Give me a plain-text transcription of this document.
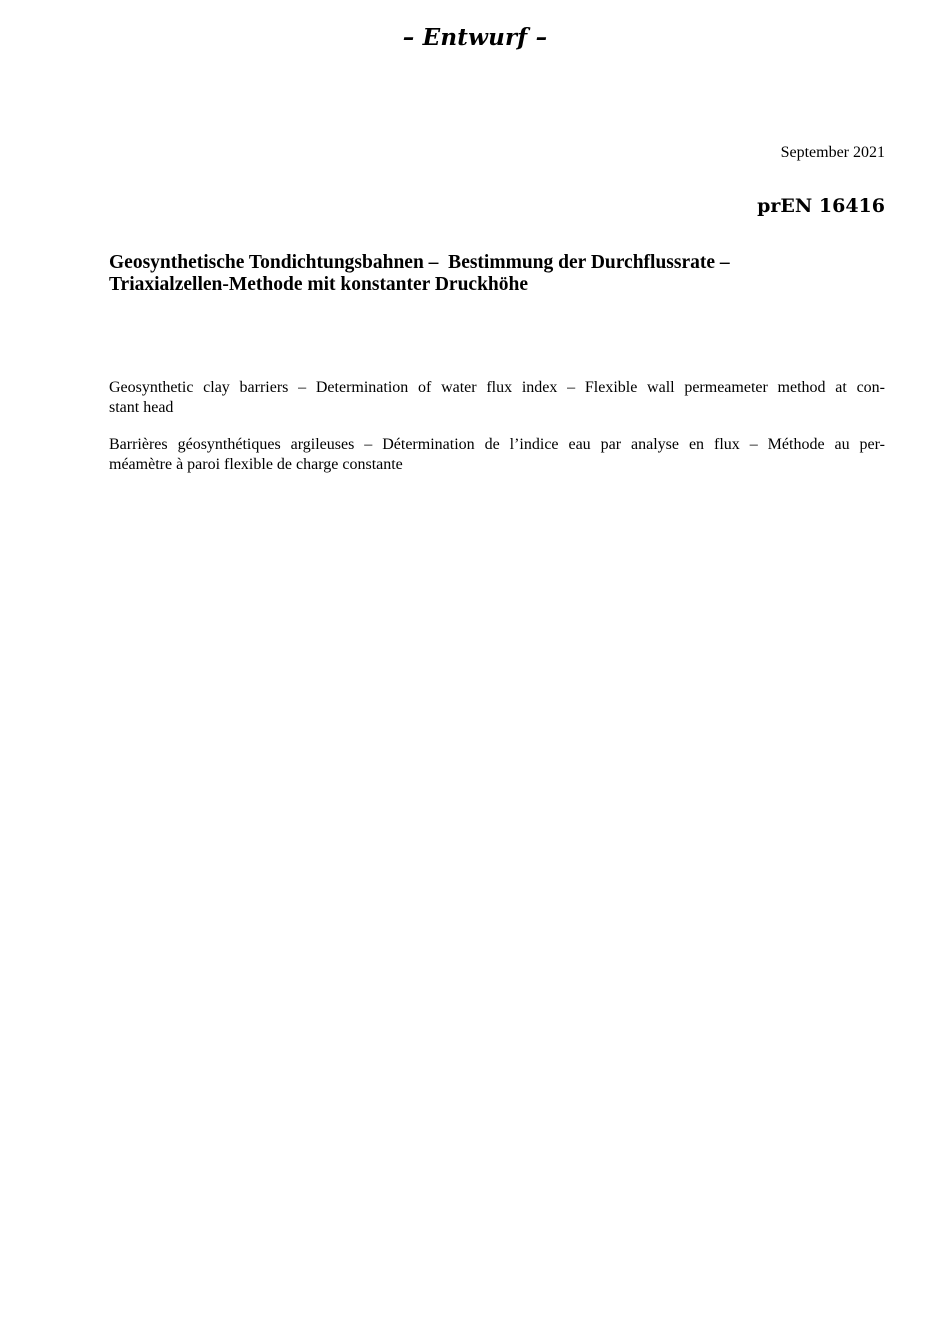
– Entwurf –
September 2021
prEN 16416
Geosynthetische Tondichtungsbahnen –  Bestimmung der Durchflussrate –
Triaxialzellen-Methode mit konstanter Druckhöhe
Geosynthetic clay barriers – Determination of water flux index – Flexible wall permeameter method at con-
stant head
Barrières géosynthétiques argileuses – Détermination de l’indice eau par analyse en flux – Méthode au per-
méamètre à paroi flexible de charge constante
